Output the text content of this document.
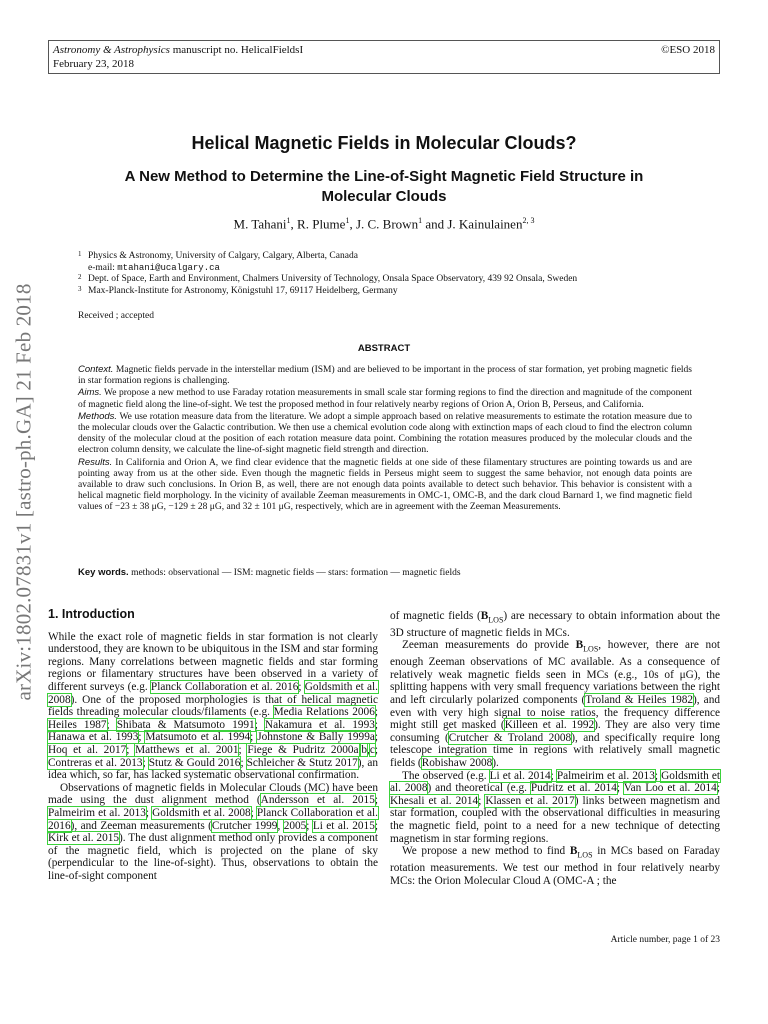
Astronomy & Astrophysics manuscript no. HelicalFieldsI
February 23, 2018
©ESO 2018
arXiv:1802.07831v1 [astro-ph.GA] 21 Feb 2018
Helical Magnetic Fields in Molecular Clouds?
A New Method to Determine the Line-of-Sight Magnetic Field Structure in Molecular Clouds
M. Tahani$^1$, R. Plume$^1$, J. C. Brown$^1$ and J. Kainulainen$^{2, 3}$
1 Physics & Astronomy, University of Calgary, Calgary, Alberta, Canada
e-mail: mtahani@ucalgary.ca
2 Dept. of Space, Earth and Environment, Chalmers University of Technology, Onsala Space Observatory, 439 92 Onsala, Sweden
3 Max-Planck-Institute for Astronomy, Königstuhl 17, 69117 Heidelberg, Germany
Received ; accepted
ABSTRACT

Context. Magnetic fields pervade in the interstellar medium (ISM) and are believed to be important in the process of star formation, yet probing magnetic fields in star formation regions is challenging.

Aims. We propose a new method to use Faraday rotation measurements in small scale star forming regions to find the direction and magnitude of the component of magnetic field along the line-of-sight. We test the proposed method in four relatively nearby regions of Orion A, Orion B, Perseus, and California.

Methods. We use rotation measure data from the literature. We adopt a simple approach based on relative measurements to estimate the rotation measure due to the molecular clouds over the Galactic contribution. We then use a chemical evolution code along with extinction maps of each cloud to find the electron column density of the molecular cloud at the position of each rotation measure data point. Combining the rotation measures produced by the molecular clouds and the electron column density, we calculate the line-of-sight magnetic field strength and direction.

Results. In California and Orion A, we find clear evidence that the magnetic fields at one side of these filamentary structures are pointing towards us and are pointing away from us at the other side. Even though the magnetic fields in Perseus might seem to suggest the same behavior, not enough data points are available to draw such conclusions. In Orion B, as well, there are not enough data points available to detect such behavior. This behavior is consistent with a helical magnetic field morphology. In the vicinity of available Zeeman measurements in OMC-1, OMC-B, and the dark cloud Barnard 1, we find magnetic field values of −23 ± 38 μG, −129 ± 28 μG, and 32 ± 101 μG, respectively, which are in agreement with the Zeeman Measurements.

Key words. methods: observational — ISM: magnetic fields — stars: formation — magnetic fields
1. Introduction

While the exact role of magnetic fields in star formation is not clearly understood, they are known to be ubiquitous in the ISM and star forming regions. Many correlations between magnetic fields and star forming regions or filamentary structures have been observed in a variety of different surveys (e.g. Planck Collaboration et al. 2016; Goldsmith et al. 2008). One of the proposed morphologies is that of helical magnetic fields threading molecular clouds/filaments (e.g. Media Relations 2006; Heiles 1987; Shibata & Matsumoto 1991; Nakamura et al. 1993; Hanawa et al. 1993; Matsumoto et al. 1994; Johnstone & Bally 1999a; Hoq et al. 2017; Matthews et al. 2001; Fiege & Pudritz 2000a,b,c; Contreras et al. 2013; Stutz & Gould 2016; Schleicher & Stutz 2017), an idea which, so far, has lacked systematic observational confirmation.

Observations of magnetic fields in Molecular Clouds (MC) have been made using the dust alignment method (Andersson et al. 2015; Palmeirim et al. 2013; Goldsmith et al. 2008; Planck Collaboration et al. 2016), and Zeeman measurements (Crutcher 1999, 2005; Li et al. 2015; Kirk et al. 2015). The dust alignment method only provides a component of the magnetic field, which is projected on the plane of sky (perpendicular to the line-of-sight). Thus, observations to obtain the line-of-sight component

of magnetic fields $(B_{LOS})$ are necessary to obtain information about the 3D structure of magnetic fields in MCs.

Zeeman measurements do provide $B_{LOS}$, however, there are not enough Zeeman observations of MC available. As a consequence of relatively weak magnetic fields seen in MCs (e.g., 10s of μG), the splitting happens with very small frequency variations between the right and left circularly polarized components (Troland & Heiles 1982), and even with very high signal to noise ratios, the frequency difference might still get masked (Killeen et al. 1992). They are also very time consuming (Crutcher & Troland 2008), and specifically require long telescope integration time in regions with relatively small magnetic fields (Robishaw 2008).

The observed (e.g. Li et al. 2014; Palmeirim et al. 2013; Goldsmith et al. 2008) and theoretical (e.g. Pudritz et al. 2014; Van Loo et al. 2014; Khesali et al. 2014; Klassen et al. 2017) links between magnetism and star formation, coupled with the observational difficulties in measuring the magnetic field, point to a need for a new technique of detecting magnetism in star forming regions.

We propose a new method to find $B_{LOS}$ in MCs based on Faraday rotation measurements. We test our method in four relatively nearby MCs: the Orion Molecular Cloud A (OMC-A ; the

Article number, page 1 of 23
